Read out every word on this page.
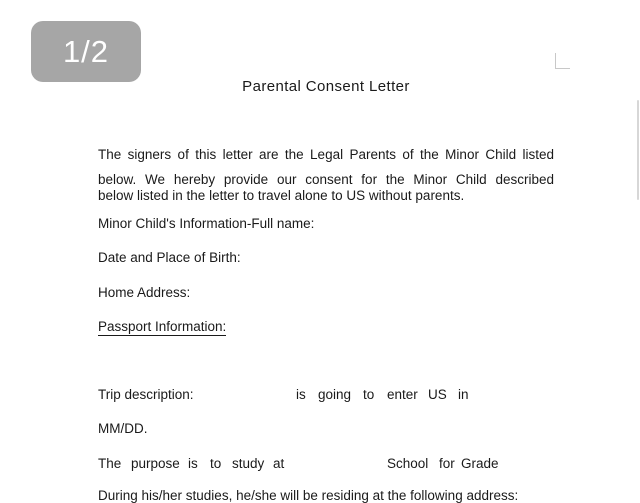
1/2
Parental Consent Letter
The signers of this letter are the Legal Parents of the Minor Child listed
below. We hereby provide our consent for the Minor Child described
below listed in the letter to travel alone to US without parents.
Minor Child's Information-Full name:
Date and Place of Birth:
Home Address:
Passport Information:
Trip description:	is going to enter US in
MM/DD.
The purpose is to study at	School for Grade
During his/her studies, he/she will be residing at the following address:
